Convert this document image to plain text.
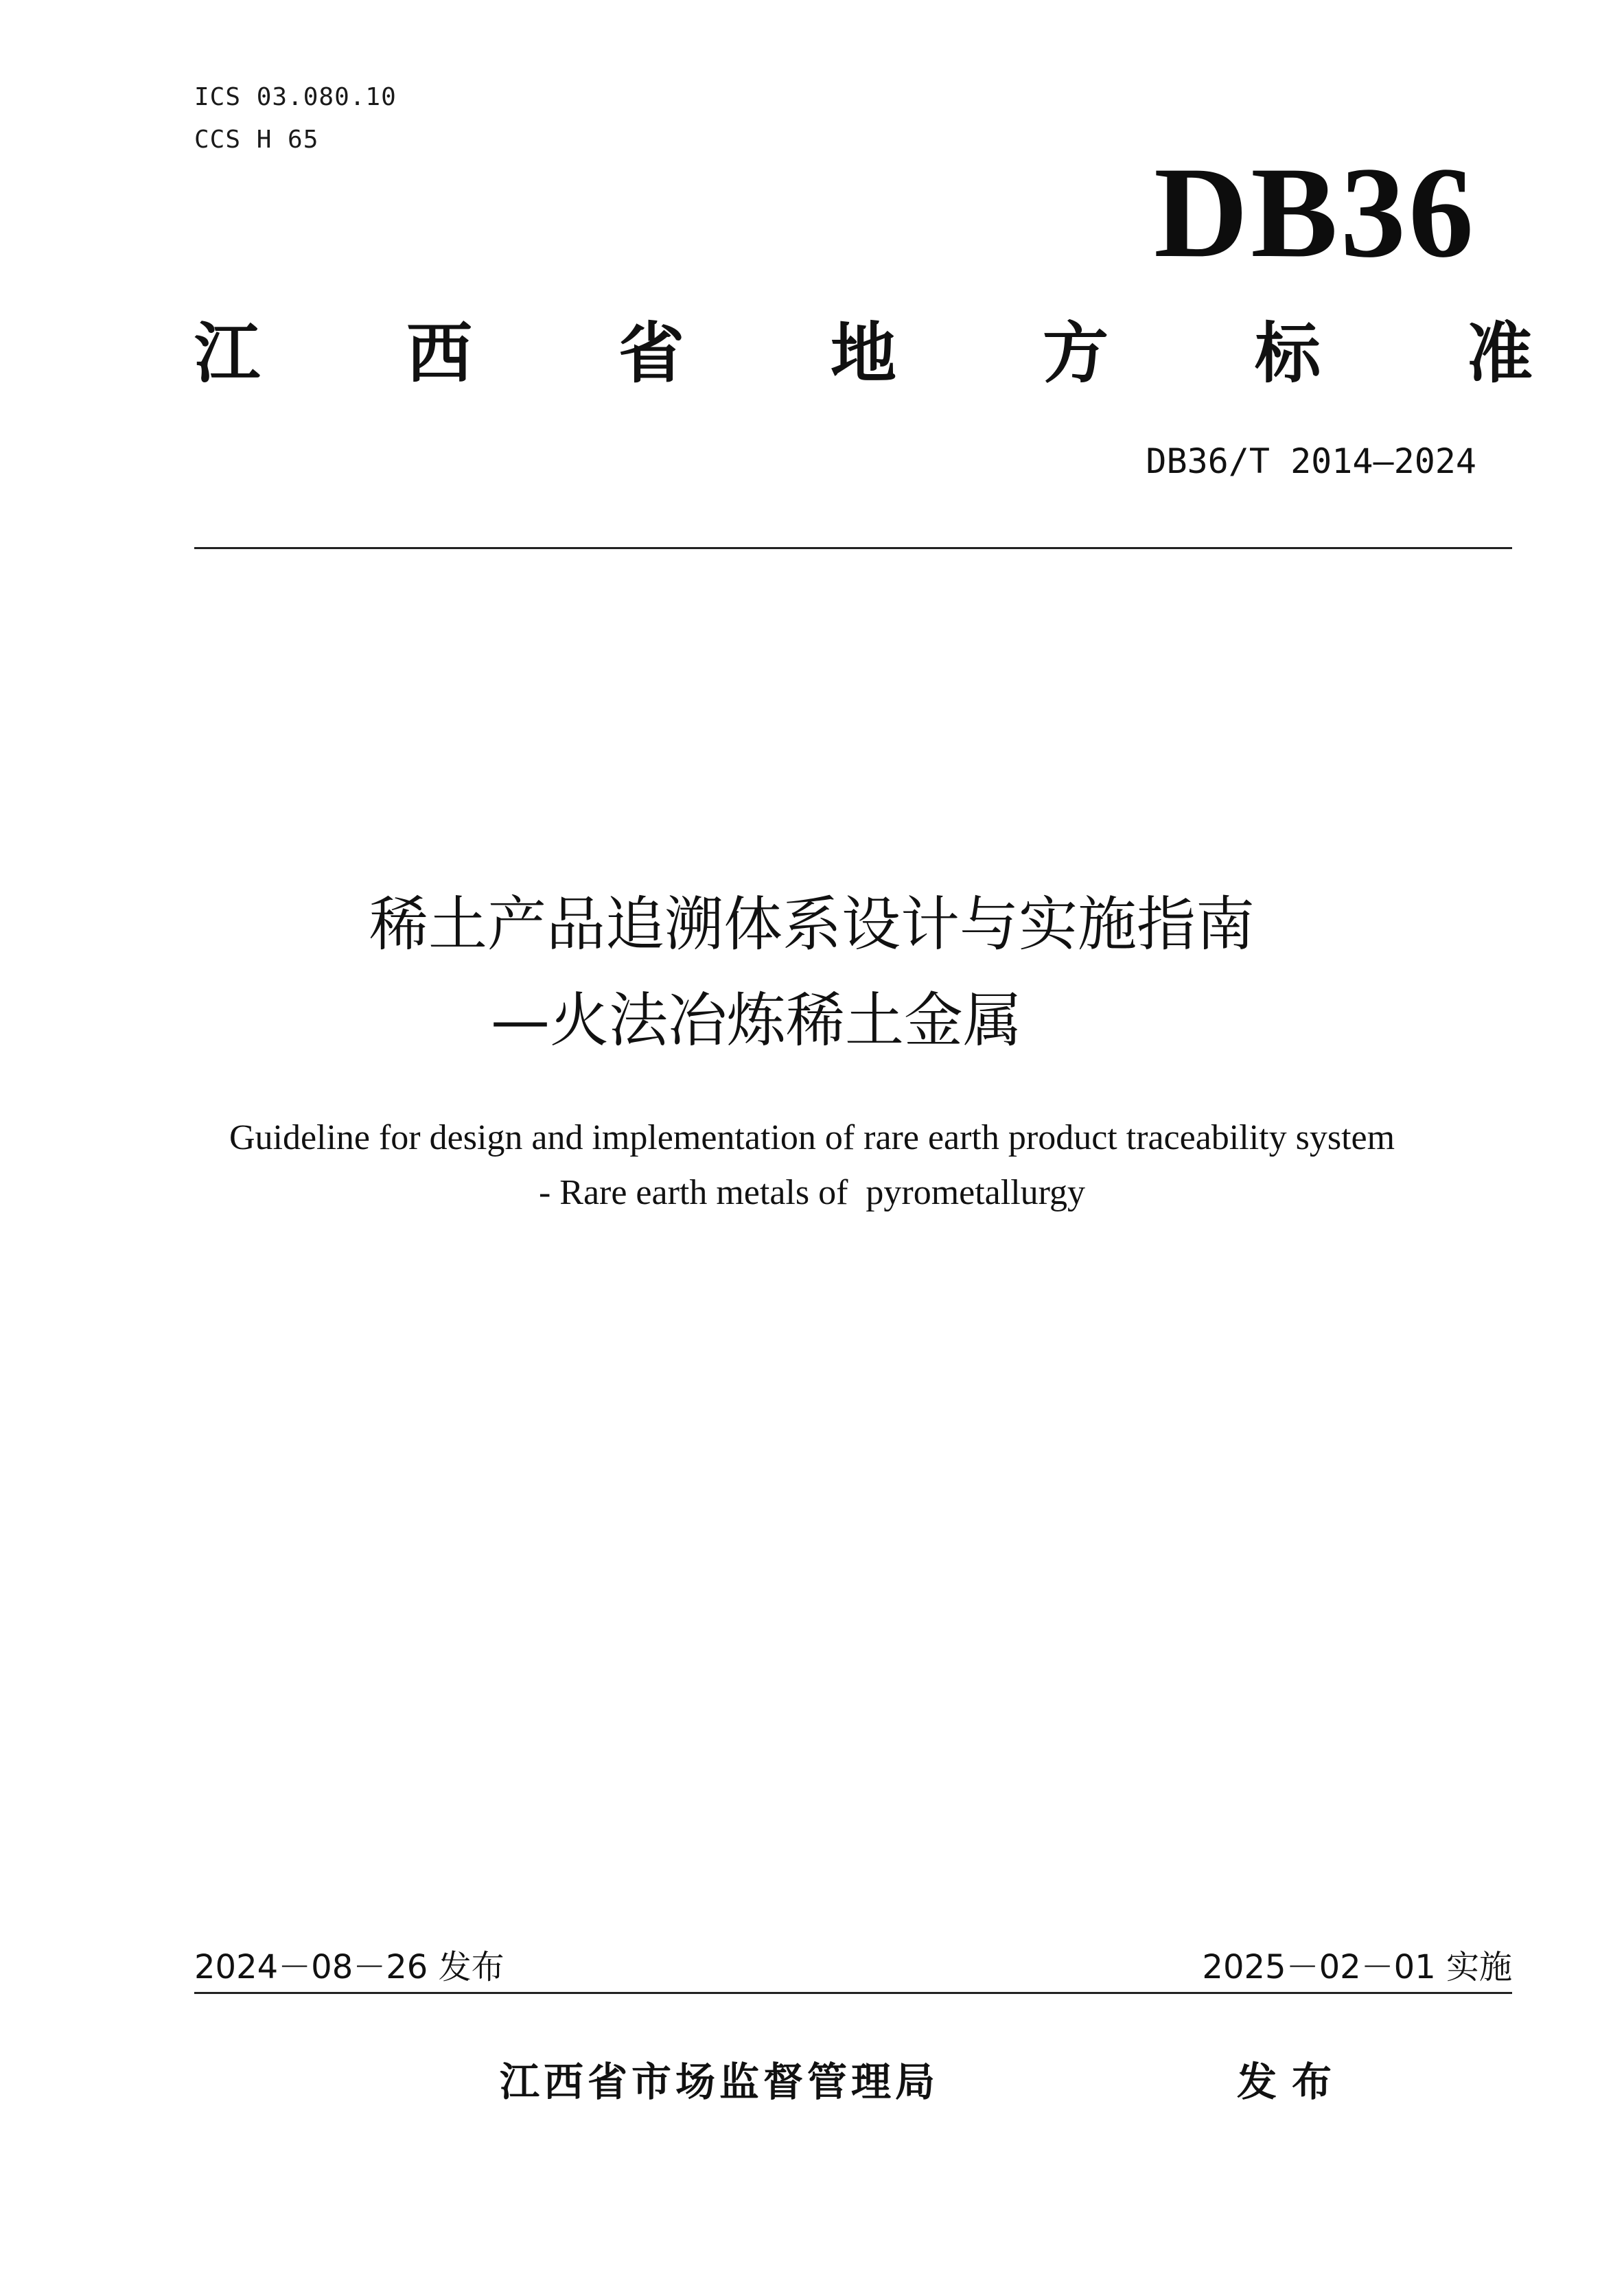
ICS 03.080.10
CCS H 65
DB36
江 西 省 地 方 标 准
DB36/T 2014—2024
稀土产品追溯体系设计与实施指南
—火法冶炼稀土金属
Guideline for design and implementation of rare earth product traceability system
- Rare earth metals of  pyrometallurgy
2024－08－26 发布	2025－02－01 实施
江西省市场监督管理局	发布
